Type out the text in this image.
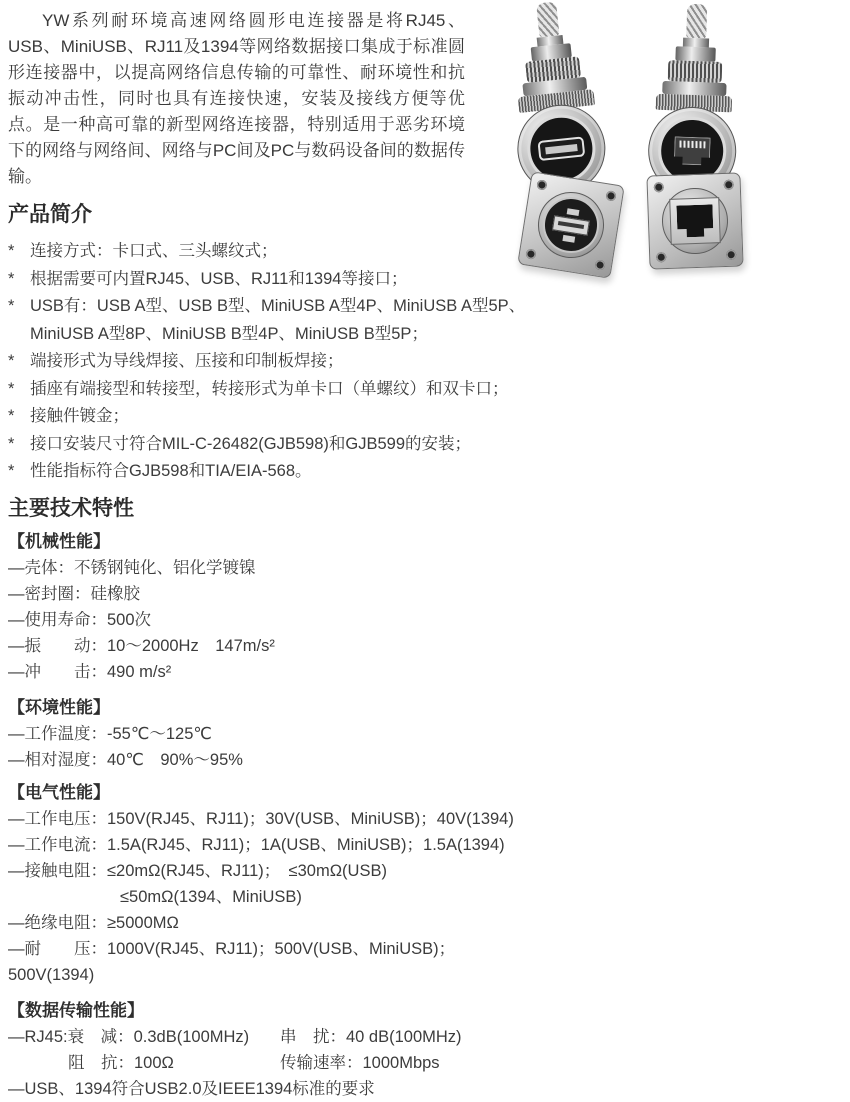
YW系列耐环境高速网络圆形电连接器是将RJ45、USB、MiniUSB、RJ11及1394等网络数据接口集成于标准圆形连接器中，以提高网络信息传输的可靠性、耐环境性和抗振动冲击性，同时也具有连接快速，安装及接线方便等优点。是一种高可靠的新型网络连接器，特别适用于恶劣环境下的网络与网络间、网络与PC间及PC与数码设备间的数据传输。
产品简介
* 连接方式：卡口式、三头螺纹式；
* 根据需要可内置RJ45、USB、RJ11和1394等接口；
* USB有：USB A型、USB B型、MiniUSB A型4P、MiniUSB A型5P、
MiniUSB A型8P、MiniUSB B型4P、MiniUSB B型5P；
* 端接形式为导线焊接、压接和印制板焊接；
* 插座有端接型和转接型，转接形式为单卡口（单螺纹）和双卡口；
* 接触件镀金；
* 接口安装尺寸符合MIL-C-26482(GJB598)和GJB599的安装；
* 性能指标符合GJB598和TIA/EIA-568。
主要技术特性
【机械性能】
—壳体：不锈钢钝化、铝化学镀镍
—密封圈：硅橡胶
—使用寿命：500次
—振　　动：10～2000Hz　147m/s²
—冲　　击：490 m/s²
【环境性能】
—工作温度：-55℃～125℃
—相对湿度：40℃　90%～95%
【电气性能】
—工作电压：150V(RJ45、RJ11)；30V(USB、MiniUSB)；40V(1394)
—工作电流：1.5A(RJ45、RJ11)；1A(USB、MiniUSB)；1.5A(1394)
—接触电阻：≤20mΩ(RJ45、RJ11)；　≤30mΩ(USB)
≤50mΩ(1394、MiniUSB)
—绝缘电阻：≥5000MΩ
—耐　　压：1000V(RJ45、RJ11)；500V(USB、MiniUSB)；500V(1394)
【数据传输性能】
—RJ45:衰　减：0.3dB(100MHz)	串　扰：40 dB(100MHz)
阻　抗：100Ω	传输速率：1000Mbps
—USB、1394符合USB2.0及IEEE1394标准的要求
